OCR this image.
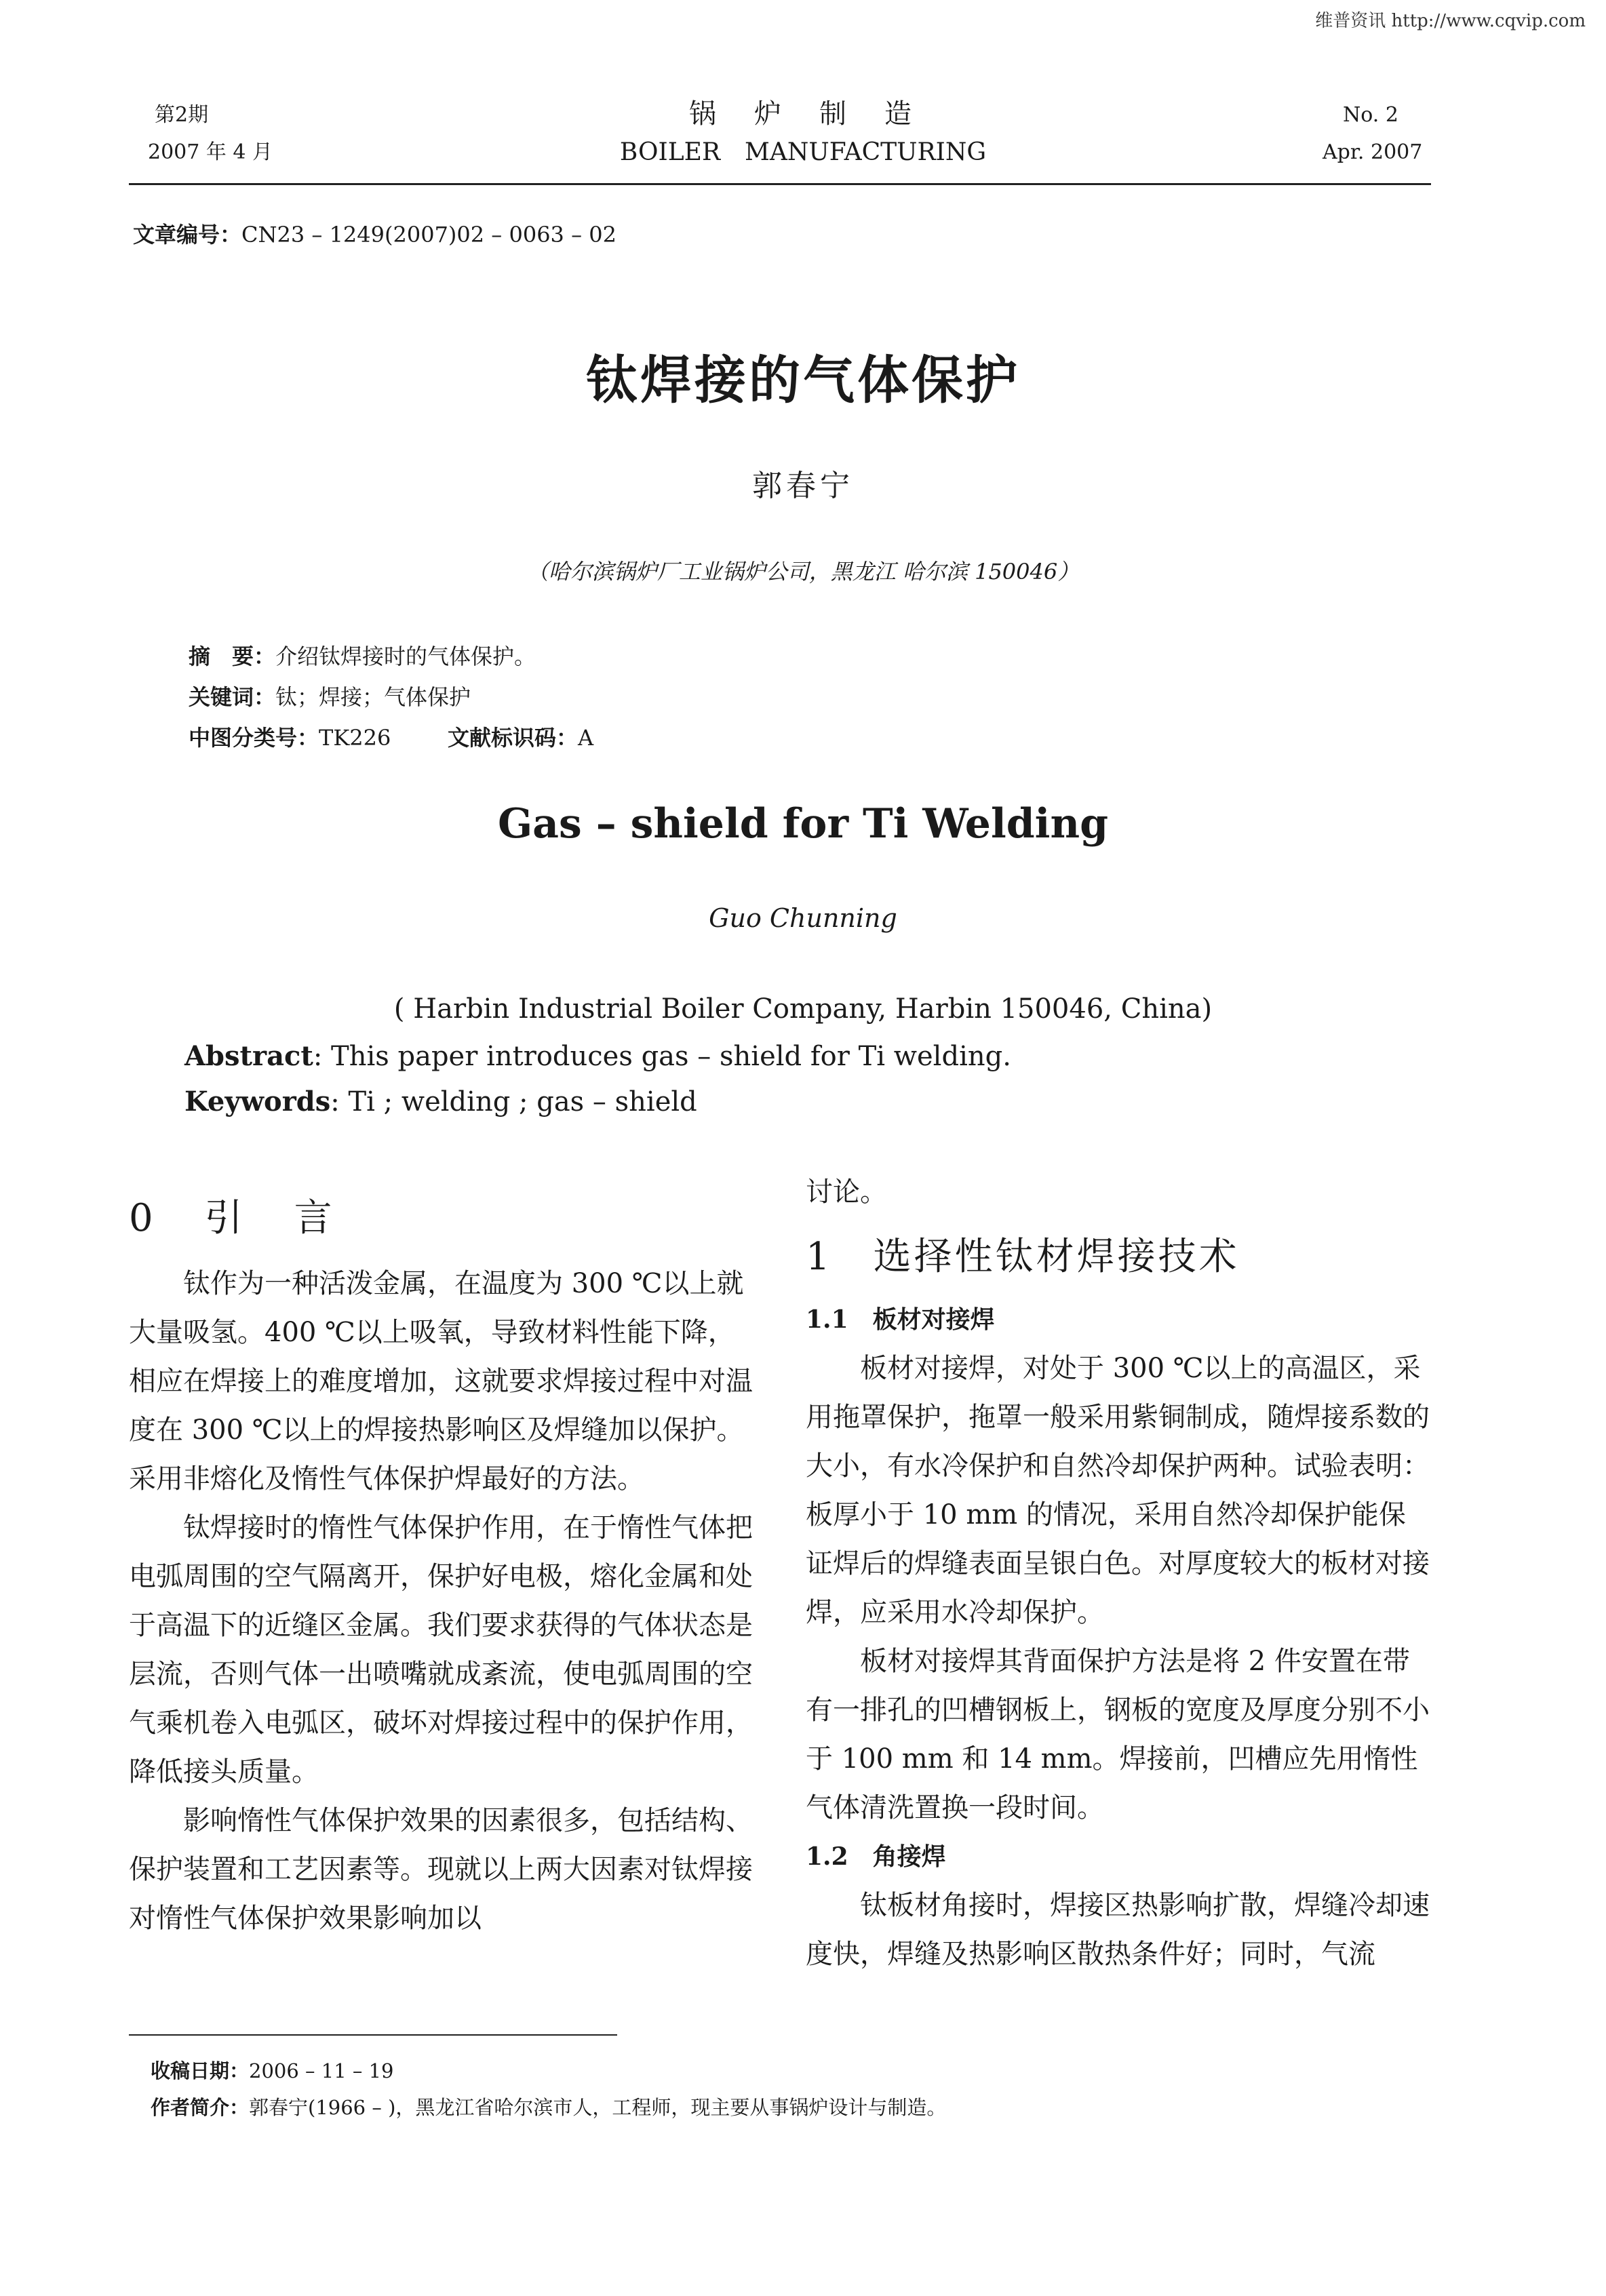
维普资讯 http://www.cqvip.com
第2期
2007 年 4 月
锅　炉　制　造
BOILER　MANUFACTURING
No. 2
Apr. 2007
文章编号：CN23 – 1249(2007)02 – 0063 – 02
钛焊接的气体保护
郭春宁
（哈尔滨锅炉厂工业锅炉公司，黑龙江 哈尔滨 150046）
摘　要：介绍钛焊接时的气体保护。
关键词：钛；焊接；气体保护
中图分类号：TK226	文献标识码：A
Gas – shield for Ti Welding
Guo Chunning
( Harbin Industrial Boiler Company, Harbin 150046, China)
Abstract: This paper introduces gas – shield for Ti welding.
Keywords: Ti ; welding ; gas – shield
0　引　言

钛作为一种活泼金属，在温度为 300 ℃以上就大量吸氢。400 ℃以上吸氧，导致材料性能下降，相应在焊接上的难度增加，这就要求焊接过程中对温度在 300 ℃以上的焊接热影响区及焊缝加以保护。采用非熔化及惰性气体保护焊最好的方法。

钛焊接时的惰性气体保护作用，在于惰性气体把电弧周围的空气隔离开，保护好电极，熔化金属和处于高温下的近缝区金属。我们要求获得的气体状态是层流，否则气体一出喷嘴就成紊流，使电弧周围的空气乘机卷入电弧区，破坏对焊接过程中的保护作用，降低接头质量。

影响惰性气体保护效果的因素很多，包括结构、保护装置和工艺因素等。现就以上两大因素对钛焊接对惰性气体保护效果影响加以

讨论。

1　选择性钛材焊接技术
1.1　 板材对接焊

板材对接焊，对处于 300 ℃以上的高温区，采用拖罩保护，拖罩一般采用紫铜制成，随焊接系数的大小，有水冷保护和自然冷却保护两种。试验表明：板厚小于 10 mm 的情况，采用自然冷却保护能保证焊后的焊缝表面呈银白色。对厚度较大的板材对接焊，应采用水冷却保护。

板材对接焊其背面保护方法是将 2 件安置在带有一排孔的凹槽钢板上，钢板的宽度及厚度分别不小于 100 mm 和 14 mm。焊接前，凹槽应先用惰性气体清洗置换一段时间。

1.2　 角接焊

钛板材角接时，焊接区热影响扩散，焊缝冷却速度快，焊缝及热影响区散热条件好；同时，气流

收稿日期：2006 – 11 – 19
作者简介：郭春宁(1966 – )，黑龙江省哈尔滨市人，工程师，现主要从事锅炉设计与制造。
